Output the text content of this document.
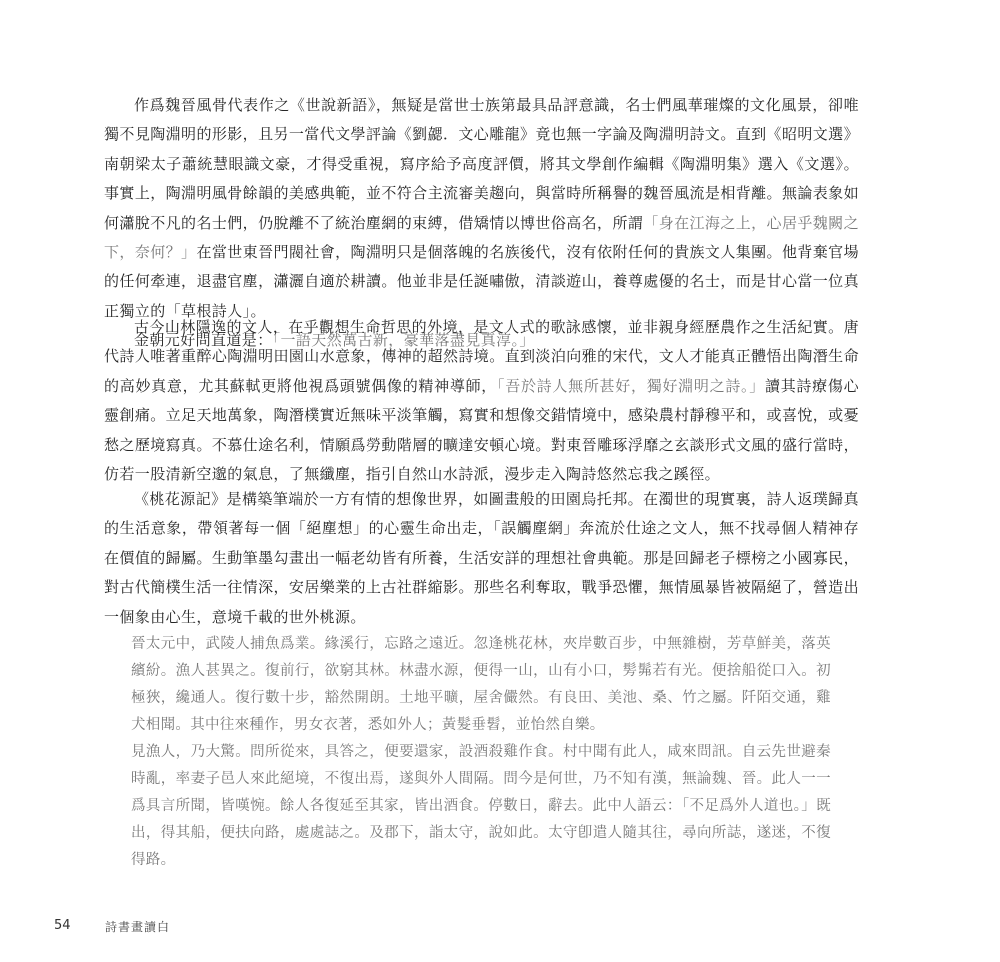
作爲魏晉風骨代表作之《世說新語》，無疑是當世士族第最具品評意識，名士們風華璀燦的文化風景，卻唯獨不見陶淵明的形影，且另一當代文學評論《劉勰．文心雕龍》竟也無一字論及陶淵明詩文。直到《昭明文選》南朝梁太子蕭統慧眼識文豪，才得受重視，寫序給予高度評價，將其文學創作編輯《陶淵明集》選入《文選》。事實上，陶淵明風骨餘韻的美感典範，並不符合主流審美趨向，與當時所稱譽的魏晉風流是相背離。無論表象如何瀟脫不凡的名士們，仍脫離不了統治塵網的束縛，借矯情以博世俗高名，所謂「身在江海之上，心居乎魏闕之下，奈何？」在當世東晉門閥社會，陶淵明只是個落魄的名族後代，沒有依附任何的貴族文人集團。他背棄官場的任何牽連，退盡官塵，瀟灑自適於耕讀。他並非是任誕嘯傲，清談遊山，養尊處優的名士，而是甘心當一位真正獨立的「草根詩人」。

金朝元好問直道是：「一語天然萬古新，豪華落盡見真淳。」

古今山林隱逸的文人，在乎觀想生命哲思的外境，是文人式的歌詠感懷，並非親身經歷農作之生活紀實。唐代詩人唯著重醉心陶淵明田園山水意象，傳神的超然詩境。直到淡泊向雅的宋代，文人才能真正體悟出陶潛生命的高妙真意，尤其蘇軾更將他視爲頭號偶像的精神導師，「吾於詩人無所甚好，獨好淵明之詩。」讀其詩療傷心靈創痛。立足天地萬象，陶潛樸實近無味平淡筆觸，寫實和想像交錯情境中，感染農村靜穆平和，或喜悅，或憂愁之歷境寫真。不慕仕途名利，情願爲勞動階層的曠達安頓心境。對東晉雕琢浮靡之玄談形式文風的盛行當時，仿若一股清新空邈的氣息，了無纖塵，指引自然山水詩派，漫步走入陶詩悠然忘我之蹊徑。

《桃花源記》是構築筆端於一方有情的想像世界，如圖畫般的田園烏托邦。在濁世的現實裏，詩人返璞歸真的生活意象，帶領著每一個「絕塵想」的心靈生命出走，「誤觸塵網」奔流於仕途之文人，無不找尋個人精神存在價值的歸屬。生動筆墨勾畫出一幅老幼皆有所養，生活安詳的理想社會典範。那是回歸老子標榜之小國寡民，對古代簡樸生活一往情深，安居樂業的上古社群縮影。那些名利奪取，戰爭恐懼，無情風暴皆被隔絕了，營造出一個象由心生，意境千載的世外桃源。

晉太元中，武陵人捕魚爲業。緣溪行，忘路之遠近。忽逢桃花林，夾岸數百步，中無雜樹，芳草鮮美，落英繽紛。漁人甚異之。復前行，欲窮其林。林盡水源，便得一山，山有小口，髣髴若有光。便捨船從口入。初極狹，纔通人。復行數十步，豁然開朗。土地平曠，屋舍儼然。有良田、美池、桑、竹之屬。阡陌交通，雞犬相聞。其中往來種作，男女衣著，悉如外人；黃髮垂髫，並怡然自樂。

見漁人，乃大驚。問所從來，具答之，便要還家，設酒殺雞作食。村中聞有此人，咸來問訊。自云先世避秦時亂，率妻子邑人來此絕境，不復出焉，遂與外人間隔。問今是何世，乃不知有漢，無論魏、晉。此人一一爲具言所聞，皆嘆惋。餘人各復延至其家，皆出酒食。停數日，辭去。此中人語云：「不足爲外人道也。」既出，得其船，便扶向路，處處誌之。及郡下，詣太守，說如此。太守卽遣人隨其往，尋向所誌，遂迷，不復得路。

54	詩書畫讀白
